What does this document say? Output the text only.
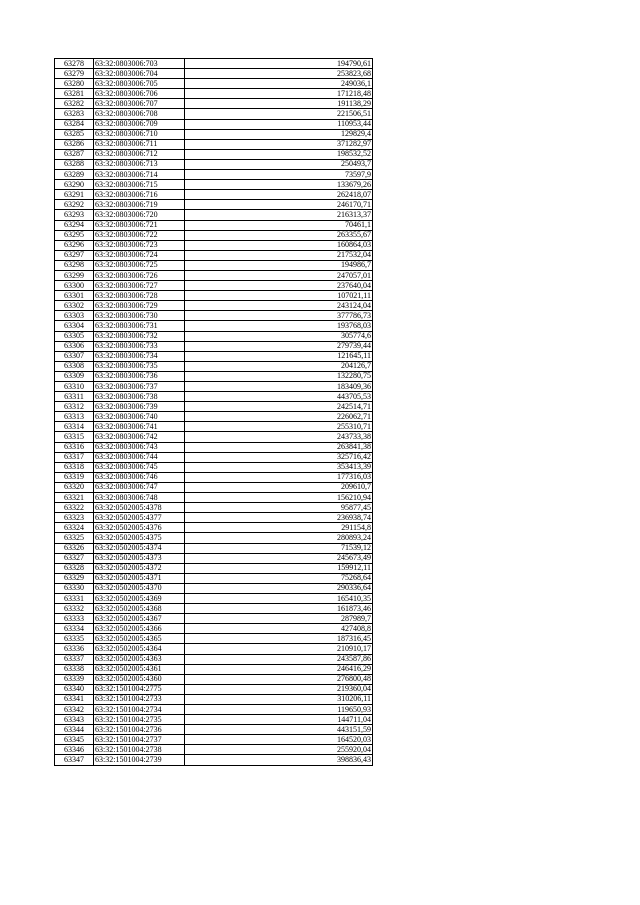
63278	63:32:0803006:703	194790,61
63279	63:32:0803006:704	253823,68
63280	63:32:0803006:705	249036,1
63281	63:32:0803006:706	171218,48
63282	63:32:0803006:707	191138,29
63283	63:32:0803006:708	221506,51
63284	63:32:0803006:709	110953,44
63285	63:32:0803006:710	129829,4
63286	63:32:0803006:711	371282,97
63287	63:32:0803006:712	198532,52
63288	63:32:0803006:713	250493,7
63289	63:32:0803006:714	73597,9
63290	63:32:0803006:715	133679,26
63291	63:32:0803006:716	262418,07
63292	63:32:0803006:719	246170,71
63293	63:32:0803006:720	216313,37
63294	63:32:0803006:721	70461,1
63295	63:32:0803006:722	263355,67
63296	63:32:0803006:723	160864,03
63297	63:32:0803006:724	217532,04
63298	63:32:0803006:725	194986,7
63299	63:32:0803006:726	247057,01
63300	63:32:0803006:727	237640,04
63301	63:32:0803006:728	107021,11
63302	63:32:0803006:729	243124,04
63303	63:32:0803006:730	377786,73
63304	63:32:0803006:731	193768,03
63305	63:32:0803006:732	305774,6
63306	63:32:0803006:733	279739,44
63307	63:32:0803006:734	121645,11
63308	63:32:0803006:735	204126,7
63309	63:32:0803006:736	132280,75
63310	63:32:0803006:737	183409,36
63311	63:32:0803006:738	443705,53
63312	63:32:0803006:739	242514,71
63313	63:32:0803006:740	226062,71
63314	63:32:0803006:741	255310,71
63315	63:32:0803006:742	243733,38
63316	63:32:0803006:743	263841,38
63317	63:32:0803006:744	325716,42
63318	63:32:0803006:745	353413,39
63319	63:32:0803006:746	177316,03
63320	63:32:0803006:747	209610,7
63321	63:32:0803006:748	156210,94
63322	63:32:0502005:4378	95877,45
63323	63:32:0502005:4377	236938,74
63324	63:32:0502005:4376	291154,8
63325	63:32:0502005:4375	280893,24
63326	63:32:0502005:4374	71539,12
63327	63:32:0502005:4373	245673,49
63328	63:32:0502005:4372	159912,11
63329	63:32:0502005:4371	75268,64
63330	63:32:0502005:4370	290336,64
63331	63:32:0502005:4369	165410,35
63332	63:32:0502005:4368	161873,46
63333	63:32:0502005:4367	287989,7
63334	63:32:0502005:4366	427408,8
63335	63:32:0502005:4365	187316,45
63336	63:32:0502005:4364	210910,17
63337	63:32:0502005:4363	243587,86
63338	63:32:0502005:4361	246416,29
63339	63:32:0502005:4360	276800,48
63340	63:32:1501004:2775	219360,04
63341	63:32:1501004:2733	310206,11
63342	63:32:1501004:2734	119650,93
63343	63:32:1501004:2735	144711,04
63344	63:32:1501004:2736	443151,59
63345	63:32:1501004:2737	164520,03
63346	63:32:1501004:2738	255920,04
63347	63:32:1501004:2739	398836,43
